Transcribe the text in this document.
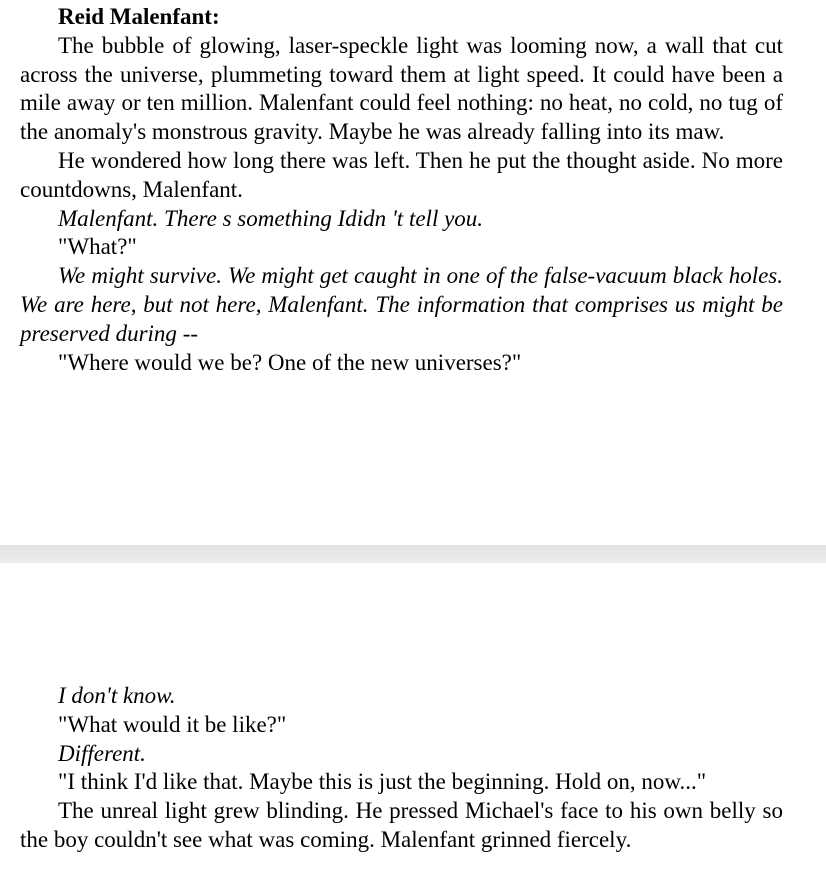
Reid Malenfant:

The bubble of glowing, laser-speckle light was looming now, a wall that cut across the universe, plummeting toward them at light speed. It could have been a mile away or ten million. Malenfant could feel nothing: no heat, no cold, no tug of the anomaly's monstrous gravity. Maybe he was already falling into its maw.

He wondered how long there was left. Then he put the thought aside. No more countdowns, Malenfant.

Malenfant. There s something Ididn 't tell you.

"What?"

We might survive. We might get caught in one of the false-vacuum black holes. We are here, but not here, Malenfant. The information that comprises us might be preserved during --

"Where would we be? One of the new universes?"

I don't know.

"What would it be like?"

Different.

"I think I'd like that. Maybe this is just the beginning. Hold on, now..."

The unreal light grew blinding. He pressed Michael's face to his own belly so the boy couldn't see what was coming. Malenfant grinned fiercely.
